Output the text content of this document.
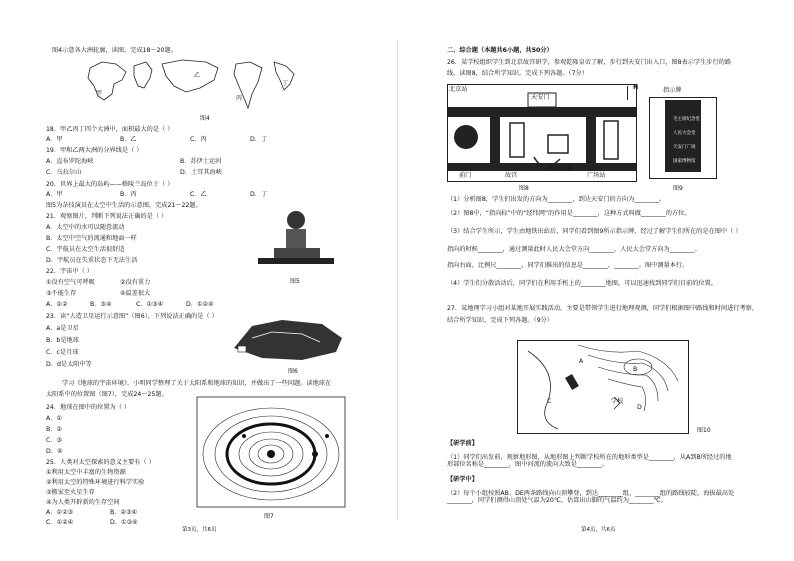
图4示意各大洲轮廓，读图，完成18～20题。
甲
乙
丙
丁
图4
18．甲乙丙丁四个大洲中，面积最大的是（ ）
A．甲	B．乙	C．丙	D．丁
19．甲和乙两大洲的分界线是（ ）
A．直布罗陀海峡	B．苏伊士运河
C．乌拉尔山	D．土耳其海峡
20．世界上最大的岛屿——格陵兰岛位于（ ）
A．甲	B．丙	C．乙	D．丁
图5为杂技演员在太空中生活的示意图，完成21～22题。
21．观察图片，判断下列说法正确的是（ ）
A．太空中的水可以随意流动
B．太空中空气的流通和地面一样
C．宇航员在太空生活很舒适
D．宇航员在失重状态下无法生活
22．宇宙中（ ）
①没有空气可呼吸	②没有重力
③不能生存	④温差很大
A．①②	B．③④	C．①③④	D．①②④
图5
23．读“人造卫星运行示意图”（图6），下列说法正确的是（ ）
A．a是卫星
B．b是地球
C．c是月球
D．d是太阳中等
图6
学习《地球的宇宙环境》，小明同学整理了关于太阳系和地球的知识，并做出了一些问题。读地球在
太阳系中的位置图（图7），完成24～25题。
24．地球在图中的位置为（ ）
A．①
B．②
C．③
D．④
25．人类对太空探索的意义主要有（ ）
①利用太空中丰富的生物资源
②利用太空的特殊环境进行科学实验
③搬家至火星生存
④为人类开辟新的生存空间
A．①②③	B．②③④
C．①②④	D．①③④
图7
第3页，共6页
二、综合题（本题共6小题，共50分）
26．某学校组织学生到北京故宫研学，参观乾隆皇帝了解，步行到天安门出入口，图8表示学生步行的路
线，读图8，结合所学知识，完成下列各题。（7分）
北京站
天安门
N
前门	故宫
前门大街
广场站
图8
指示牌
毛主席纪念堂
人民大会堂
天安门广场
国家博物馆
图9
（1）分析图8，学生们出发的方向为________，到达天安门的方向为________。
（2）图8中，“指向标”中的“经纬网”的作用是________，这种方式叫做________的方位。
（3）结合学生所示，学生由地铁出站后，同学们看到图9所示指示牌，经过了解学生们所在的是在图中（ ）
指向的时候________，通过测量此时人民大会堂方向________，人民大会堂方向为________。
指向右面，比例尺________，同学们推出的信息是________，________。图中测量本行。
（4）学生们分散活动后，同学们在利用手机上的________地图，可以迅速找到同学们目前的位置。
27．某地理学习小组对某地开展实践活动，主要是带领学生进行地理观测，同学们根据图中路线和时间进行考察，
结合所学知识，完成下列各题。（9分）
A
B
C
D
学校
图10
【研学前】
（1）同学们出发前，观察地形图，从地形图上判断学校所在的地形类型是________，从A到B所经过的地形部位名称是________，图中河流的流向大致是________。
【研学中】
（2）每个小组按照AB、DE两条路线向山顶攀登，到达________组，________组的路线较陡，海拔最高处________，同学们测得山顶处气温为20℃，估算出山脚的气温约为________℃。
第4页，共6页
